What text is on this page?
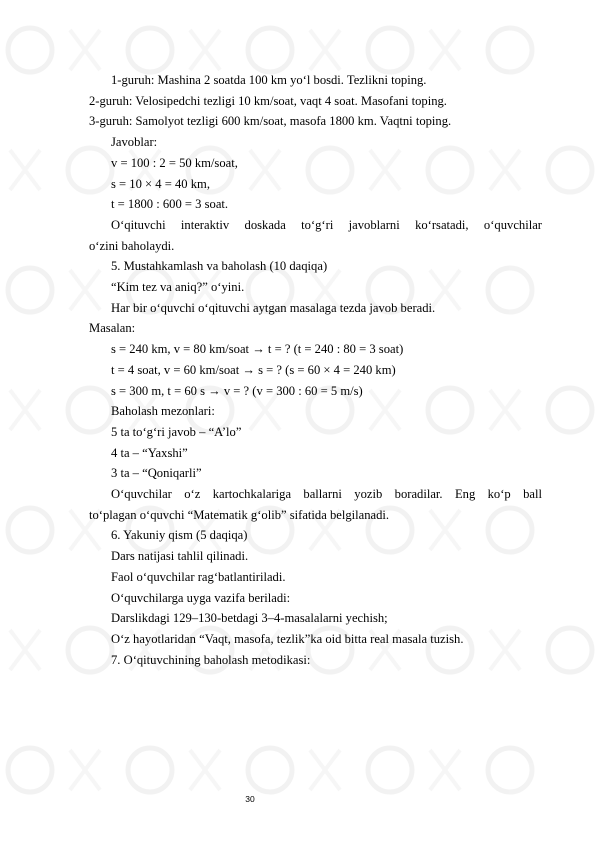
1-guruh: Mashina 2 soatda 100 km yo‘l bosdi. Tezlikni toping.
2-guruh: Velosipedchi tezligi 10 km/soat, vaqt 4 soat. Masofani toping.
3-guruh: Samolyot tezligi 600 km/soat, masofa 1800 km. Vaqtni toping.
Javoblar:
v = 100 : 2 = 50 km/soat,
s = 10 × 4 = 40 km,
t = 1800 : 600 = 3 soat.
O‘qituvchi interaktiv doskada to‘g‘ri javoblarni ko‘rsatadi, o‘quvchilar
o‘zini baholaydi.
5. Mustahkamlash va baholash (10 daqiqa)
“Kim tez va aniq?” o‘yini.
Har bir o‘quvchi o‘qituvchi aytgan masalaga tezda javob beradi.
Masalan:
s = 240 km, v = 80 km/soat → t = ? (t = 240 : 80 = 3 soat)
t = 4 soat, v = 60 km/soat → s = ? (s = 60 × 4 = 240 km)
s = 300 m, t = 60 s → v = ? (v = 300 : 60 = 5 m/s)
Baholash mezonlari:
5 ta to‘g‘ri javob – “A’lo”
4 ta – “Yaxshi”
3 ta – “Qoniqarli”
O‘quvchilar o‘z kartochkalariga ballarni yozib boradilar. Eng ko‘p ball
to‘plagan o‘quvchi “Matematik g‘olib” sifatida belgilanadi.
6. Yakuniy qism (5 daqiqa)
Dars natijasi tahlil qilinadi.
Faol o‘quvchilar rag‘batlantiriladi.
O‘quvchilarga uyga vazifa beriladi:
Darslikdagi 129–130-betdagi 3–4-masalalarni yechish;
O‘z hayotlaridan “Vaqt, masofa, tezlik”ka oid bitta real masala tuzish.
7. O‘qituvchining baholash metodikasi:
30
